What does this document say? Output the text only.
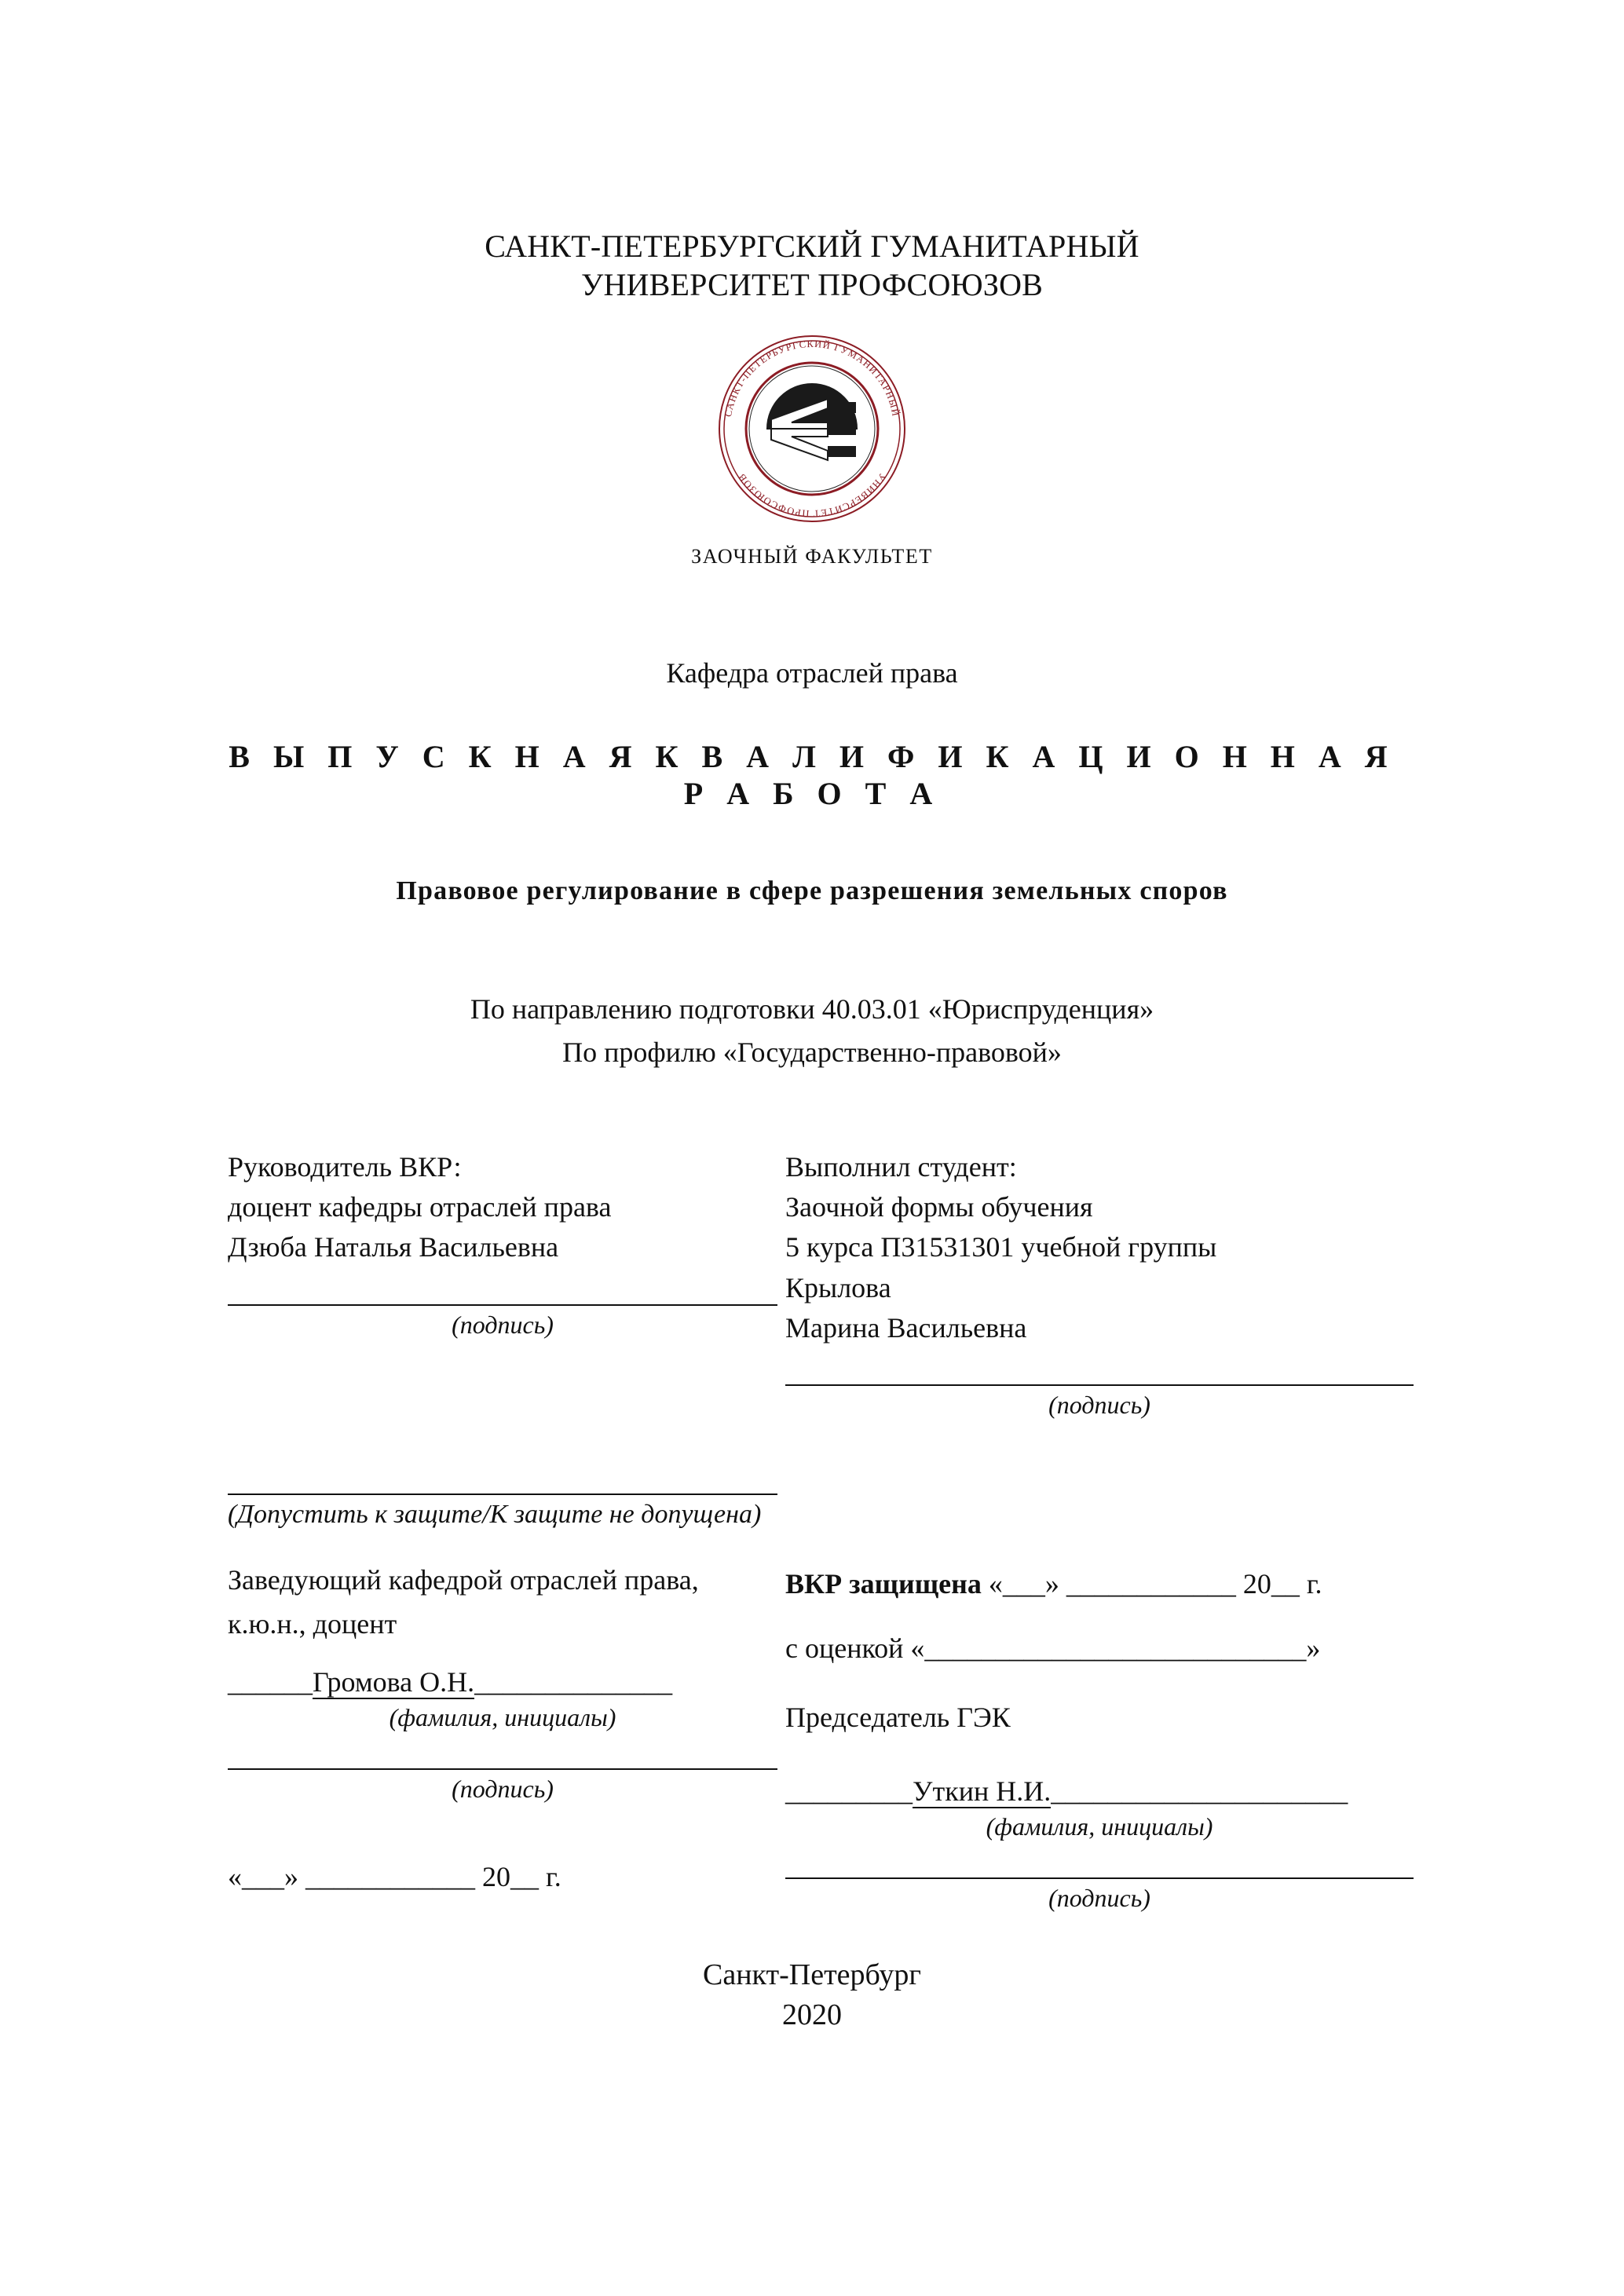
САНКТ-ПЕТЕРБУРГСКИЙ ГУМАНИТАРНЫЙ
УНИВЕРСИТЕТ ПРОФСОЮЗОВ
САНКТ-ПЕТЕРБУРГСКИЙ ГУМАНИТАРНЫЙ
УНИВЕРСИТЕТ ПРОФСОЮЗОВ
ЗАОЧНЫЙ ФАКУЛЬТЕТ
Кафедра отраслей права
В Ы П У С К Н А Я К В А Л И Ф И К А Ц И О Н Н А Я Р А Б О Т А
Правовое регулирование в сфере разрешения земельных споров
По направлению подготовки 40.03.01 «Юриспруденция»
По профилю «Государственно-правовой»
Руководитель ВКР:
доцент кафедры отраслей права
Дзюба Наталья Васильевна
(подпись)
(Допустить к защите/К защите не допущена)
Заведующий кафедрой отраслей права,
к.ю.н., доцент
______Громова О.Н.______________
(фамилия, инициалы)
(подпись)
«___» ____________ 20__ г.
Выполнил студент:
Заочной формы обучения
5 курса П31531301 учебной группы
Крылова
Марина Васильевна
(подпись)
ВКР защищена «___» ____________ 20__ г.
с оценкой «___________________________»
Председатель ГЭК
_________Уткин Н.И._____________________
(фамилия, инициалы)
(подпись)
Санкт-Петербург
2020
